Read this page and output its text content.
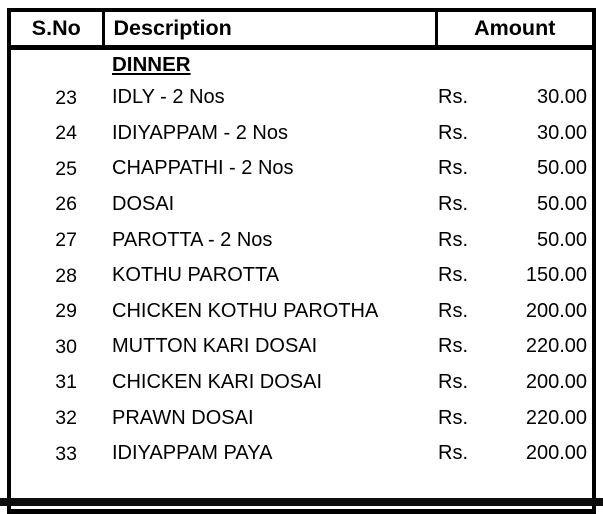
S.No	Description	Amount	
	DINNER		
23	IDLY - 2 Nos	Rs.	30.00
24	IDIYAPPAM - 2 Nos	Rs.	30.00
25	CHAPPATHI - 2 Nos	Rs.	50.00
26	DOSAI	Rs.	50.00
27	PAROTTA - 2 Nos	Rs.	50.00
28	KOTHU PAROTTA	Rs.	150.00
29	CHICKEN KOTHU PAROTHA	Rs.	200.00
30	MUTTON KARI DOSAI	Rs.	220.00
31	CHICKEN KARI DOSAI	Rs.	200.00
32	PRAWN DOSAI	Rs.	220.00
33	IDIYAPPAM PAYA	Rs.	200.00
